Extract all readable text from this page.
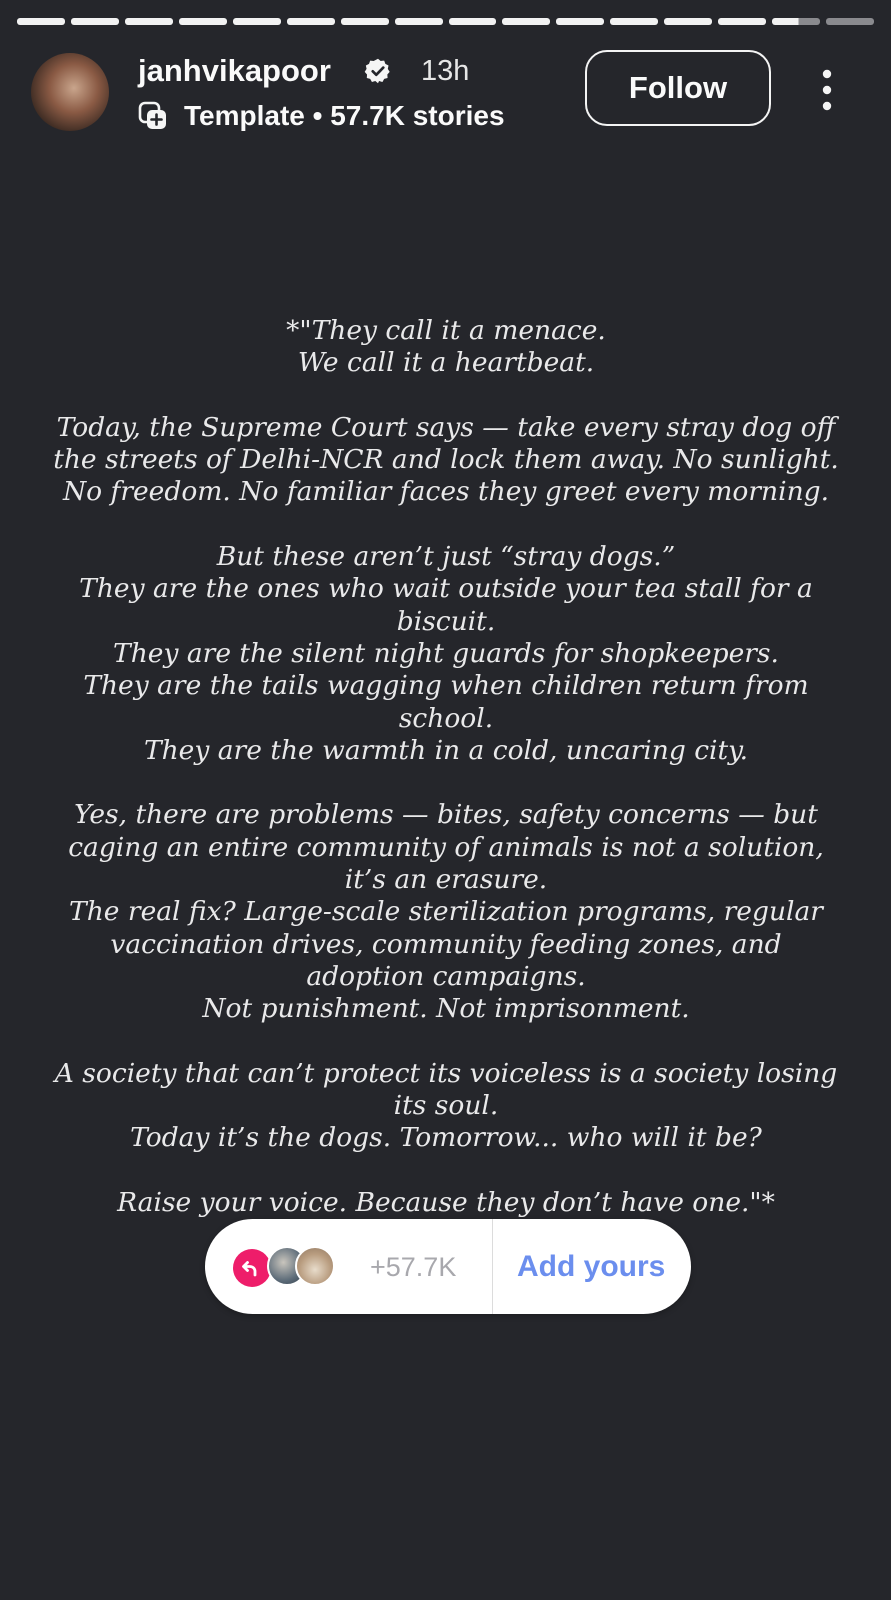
janhvikapoor	13h
Template • 57.7K stories
Follow
*"They call it a menace.
We call it a heartbeat.
Today, the Supreme Court says — take every stray dog off
the streets of Delhi-NCR and lock them away. No sunlight.
No freedom. No familiar faces they greet every morning.
But these aren’t just “stray dogs.”
They are the ones who wait outside your tea stall for a
biscuit.
They are the silent night guards for shopkeepers.
They are the tails wagging when children return from
school.
They are the warmth in a cold, uncaring city.
Yes, there are problems — bites, safety concerns — but
caging an entire community of animals is not a solution,
it’s an erasure.
The real fix? Large-scale sterilization programs, regular
vaccination drives, community feeding zones, and
adoption campaigns.
Not punishment. Not imprisonment.
A society that can’t protect its voiceless is a society losing
its soul.
Today it’s the dogs. Tomorrow... who will it be?
Raise your voice. Because they don’t have one."*
+57.7K Add yours
